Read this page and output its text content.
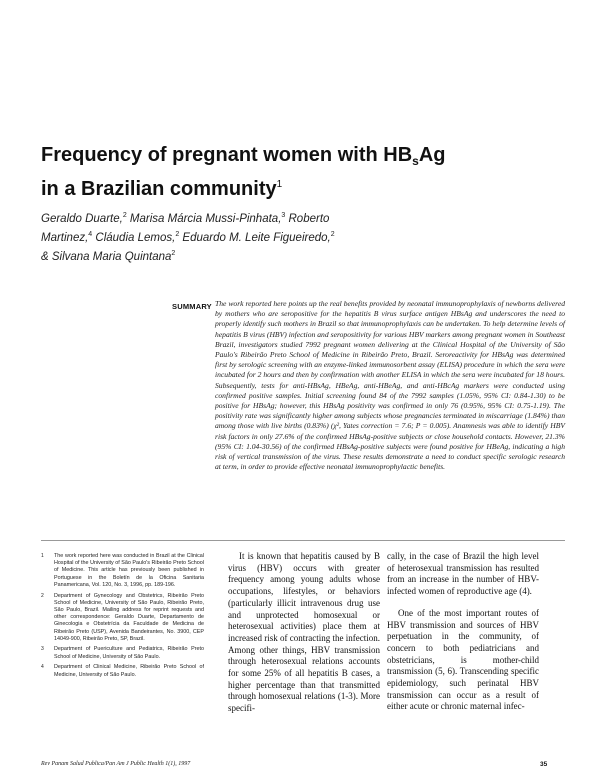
Frequency of pregnant women with $HB_sAg$
in a Brazilian community$^1$
Geraldo Duarte,$^2$ Marisa Márcia Mussi-Pinhata,$^3$ Roberto Martinez,$^4$ Cláudia Lemos,$^2$ Eduardo M. Leite Figueiredo,$^2$
& Silvana Maria Quintana$^2$
SUMMARY The work reported here points up the real benefits provided by neonatal immunoprophylaxis of newborns delivered by mothers who are seropositive for the hepatitis B virus surface antigen HBsAg and underscores the need to properly identify such mothers in Brazil so that immunoprophylaxis can be undertaken. To help determine levels of hepatitis B virus (HBV) infection and seropositivity for various HBV markers among pregnant women in Southeast Brazil, investigators studied 7992 pregnant women delivering at the Clinical Hospital of the University of São Paulo's Ribeirão Preto School of Medicine in Ribeirão Preto, Brazil. Seroreactivity for HBsAg was determined first by serologic screening with an enzyme-linked immunosorbent assay (ELISA) procedure in which the sera were incubated for 2 hours and then by confirmation with another ELISA in which the sera were incubated for 18 hours. Subsequently, tests for anti-HBsAg, HBeAg, anti-HBeAg, and anti-HBcAg markers were conducted using confirmed positive samples. Initial screening found 84 of the 7992 samples (1.05%, 95% CI: 0.84-1.30) to be positive for HBsAg; however, this HBsAg positivity was confirmed in only 76 (0.95%, 95% CI: 0.75-1.19). The positivity rate was significantly higher among subjects whose pregnancies terminated in miscarriage (1.84%) than among those with live births (0.83%) (χ², Yates correction = 7.6; P = 0.005). Anamnesis was able to identify HBV risk factors in only 27.6% of the confirmed HBsAg-positive subjects or close household contacts. However, 21.3% (95% CI: 1.04-30.56) of the confirmed HBsAg-positive subjects were found positive for HBeAg, indicating a high risk of vertical transmission of the virus. These results demonstrate a need to conduct specific serologic research at term, in order to provide effective neonatal immunoprophylactic benefits.

1	The work reported here was conducted in Brazil at the Clinical Hospital of the University of São Paulo's Ribeirão Preto School of Medicine. This article has previously been published in Portuguese in the Boletín de la Oficina Sanitaria Panamericana, Vol. 120, No. 3, 1996, pp. 189-196.
2	Department of Gynecology and Obstetrics, Ribeirão Preto School of Medicine, University of São Paulo, Ribeirão Preto, São Paulo, Brazil. Mailing address for reprint requests and other correspondence: Geraldo Duarte, Departamento de Ginecologia e Obstetrícia da Faculdade de Medicina de Ribeirão Preto (USP), Avenida Bandeirantes, No. 3900, CEP 14049-900, Ribeirão Preto, SP, Brazil.
3	Department of Puericulture and Pediatrics, Ribeirão Preto School of Medicine, University of São Paulo.
4	Department of Clinical Medicine, Ribeirão Preto School of Medicine, University of São Paulo.
It is known that hepatitis caused by B virus (HBV) occurs with greater frequency among young adults whose occupations, lifestyles, or behaviors (particularly illicit intravenous drug use and unprotected homosexual or heterosexual activities) place them at increased risk of contracting the infection. Among other things, HBV transmission through heterosexual relations accounts for some 25% of all hepatitis B cases, a higher percentage than that transmitted through homosexual relations (1-3). More specifi-
cally, in the case of Brazil the high level of heterosexual transmission has resulted from an increase in the number of HBV-infected women of reproductive age (4).
One of the most important routes of HBV transmission and sources of HBV perpetuation in the community, of concern to both pediatricians and obstetricians, is mother-child transmission (5, 6). Transcending specific epidemiology, such perinatal HBV transmission can occur as a result of either acute or chronic maternal infec-
Rev Panam Salud Publica/Pan Am J Public Health 1(1), 1997	35
